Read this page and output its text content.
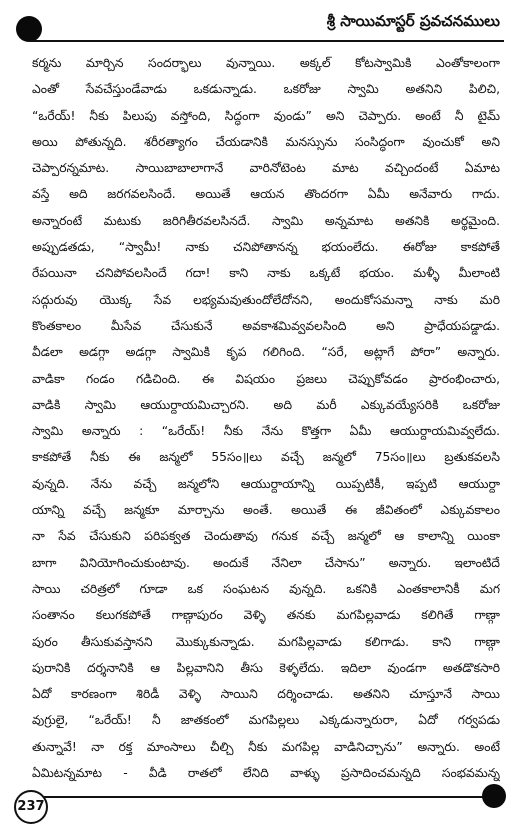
శ్రీ సాయిమాస్టర్ ప్రవచనములు
కర్మను మార్చిన సందర్భాలు వున్నాయి. అక్కల్ కోటస్వామికి ఎంతోకాలంగా
ఎంతో సేవచేస్తుండేవాడు ఒకడున్నాడు. ఒకరోజు స్వామి అతనిని పిలిచి,
“ఒరేయ్! నీకు పిలుపు వస్తోంది, సిద్ధంగా వుండు” అని చెప్పారు. అంటే నీ టైమ్
అయి పోతున్నది. శరీరత్యాగం చేయడానికి మనస్సును సంసిద్ధంగా వుంచుకో అని
చెప్పారన్నమాట. సాయిబాబాలాగానే వారినోటెంట మాట వచ్చిందంటే ఏమాట
వస్తే అది జరగవలసిందే. అయితే ఆయన తొందరగా ఏమీ అనేవారు గాదు.
అన్నారంటే మటుకు జరిగితీరవలసినదే. స్వామి అన్నమాట అతనికి అర్థమైంది.
అప్పుడతడు, “స్వామీ! నాకు చనిపోతానన్న భయంలేదు. ఈరోజు కాకపోతే
రేపయినా చనిపోవలసిందే గదా! కాని నాకు ఒక్కటే భయం. మళ్ళీ మీలాంటి
సద్గురువు యొక్క సేవ లభ్యమవుతుందోలేదోనని, అందుకోసమన్నా నాకు మరి
కొంతకాలం మీసేవ చేసుకునే అవకాశమివ్వవలసింది అని ప్రాధేయపడ్డాడు.
వీడలా అడగ్గా అడగ్గా స్వామికి కృప గలిగింది. “సరే, అట్లాగే పోరా” అన్నారు.
వాడికా గండం గడిచింది. ఈ విషయం ప్రజలు చెప్పుకోవడం ప్రారంభించారు,
వాడికి స్వామి ఆయుర్దాయమిచ్చారని. అది మరీ ఎక్కువయ్యేసరికి ఒకరోజు
స్వామి అన్నారు : “ఒరేయ్! నీకు నేను కొత్తగా ఏమీ ఆయుర్దాయమివ్వలేదు.
కాకపోతే నీకు ఈ జన్మలో 55సం॥లు వచ్చే జన్మలో 75సం॥లు బ్రతుకవలసి
వున్నది. నేను వచ్చే జన్మలోని ఆయుర్దాయాన్ని యిప్పటికీ, ఇప్పటి ఆయుర్దా
యాన్ని వచ్చే జన్మకూ మార్చాను అంతే. అయితే ఈ జీవితంలో ఎక్కువకాలం
నా సేవ చేసుకుని పరిపక్వత చెందుతావు గనుక వచ్చే జన్మలో ఆ కాలాన్ని యింకా
బాగా వినియోగించుకుంటావు. అందుకే నేనిలా చేసాను” అన్నారు. ఇలాంటిదే
సాయి చరిత్రలో గూడా ఒక సంఘటన వున్నది. ఒకనికి ఎంతకాలానికీ మగ
సంతానం కలుగకపోతే గాణ్గాపురం వెళ్ళి తనకు మగపిల్లవాడు కలిగితే గాణ్గా
పురం తీసుకువస్తానని మొక్కుకున్నాడు. మగపిల్లవాడు కలిగాడు. కాని గాణ్గా
పురానికి దర్శనానికి ఆ పిల్లవానిని తీసు కెళ్ళలేదు. ఇదిలా వుండగా అతడొకసారి
ఏదో కారణంగా శిరిడీ వెళ్ళి సాయిని దర్శించాడు. అతనిని చూస్తూనే సాయి
వుగ్రులై, “ఒరేయ్! నీ జాతకంలో మగపిల్లలు ఎక్కడున్నారురా, ఏదో గర్వపడు
తున్నావే! నా రక్త మాంసాలు చీల్చి నీకు మగపిల్ల వాడినిచ్చాను” అన్నారు. అంటే
ఏమిటన్నమాట - వీడి రాతలో లేనిది వాళ్ళు ప్రసాదించమన్నది సంభవమన్న
237
